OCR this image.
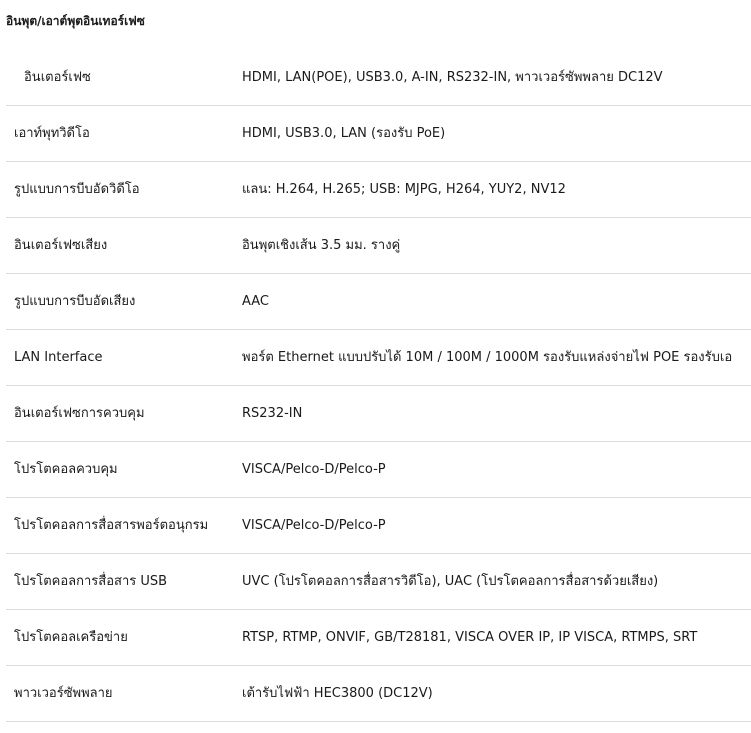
อินพุต/เอาต์พุตอินเทอร์เฟซ
อินเตอร์เฟซ	HDMI, LAN(POE), USB3.0, A-IN, RS232-IN, พาวเวอร์ซัพพลาย DC12V
เอาท์พุทวิดีโอ	HDMI, USB3.0, LAN (รองรับ PoE)
รูปแบบการบีบอัดวิดีโอ	แลน: H.264, H.265; USB: MJPG, H264, YUY2, NV12
อินเตอร์เฟซเสียง	อินพุตเชิงเส้น 3.5 มม. รางคู่
รูปแบบการบีบอัดเสียง	AAC
LAN Interface	พอร์ต Ethernet แบบปรับได้ 10M / 100M / 1000M รองรับแหล่งจ่ายไฟ POE รองรับเอ
อินเตอร์เฟซการควบคุม	RS232-IN
โปรโตคอลควบคุม	VISCA/Pelco-D/Pelco-P
โปรโตคอลการสื่อสารพอร์ตอนุกรม	VISCA/Pelco-D/Pelco-P
โปรโตคอลการสื่อสาร USB	UVC (โปรโตคอลการสื่อสารวิดีโอ), UAC (โปรโตคอลการสื่อสารด้วยเสียง)
โปรโตคอลเครือข่าย	RTSP, RTMP, ONVIF, GB/T28181, VISCA OVER IP, IP VISCA, RTMPS, SRT
พาวเวอร์ซัพพลาย	เต้ารับไฟฟ้า HEC3800 (DC12V)
